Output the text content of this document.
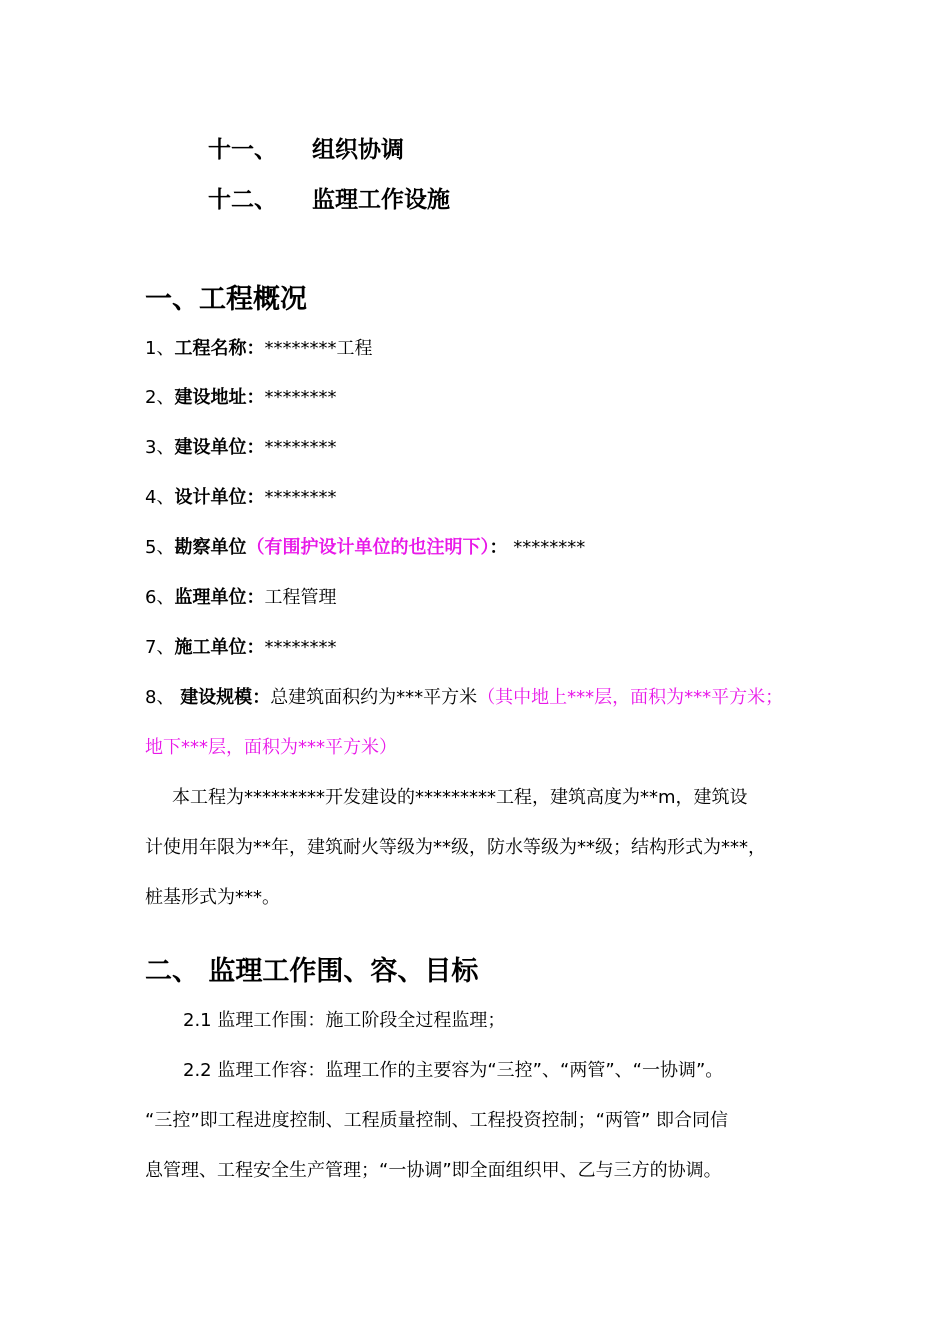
十一、 组织协调
十二、 监理工作设施
一、工程概况
1、工程名称：********工程
2、建设地址：********
3、建设单位：********
4、设计单位：********
5、勘察单位（有围护设计单位的也注明下）： ********
6、监理单位：工程管理
7、施工单位：********
8、 建设规模：总建筑面积约为***平方米（其中地上***层，面积为***平方米；
地下***层，面积为***平方米）
本工程为*********开发建设的*********工程，建筑高度为**m，建筑设
计使用年限为**年，建筑耐火等级为**级，防水等级为**级；结构形式为***，
桩基形式为***。
二、 监理工作围、容、目标
2.1 监理工作围：施工阶段全过程监理；
2.2 监理工作容：监理工作的主要容为“三控”、“两管”、“一协调”。
“三控”即工程进度控制、工程质量控制、工程投资控制；“两管” 即合同信
息管理、工程安全生产管理；“一协调”即全面组织甲、乙与三方的协调。
